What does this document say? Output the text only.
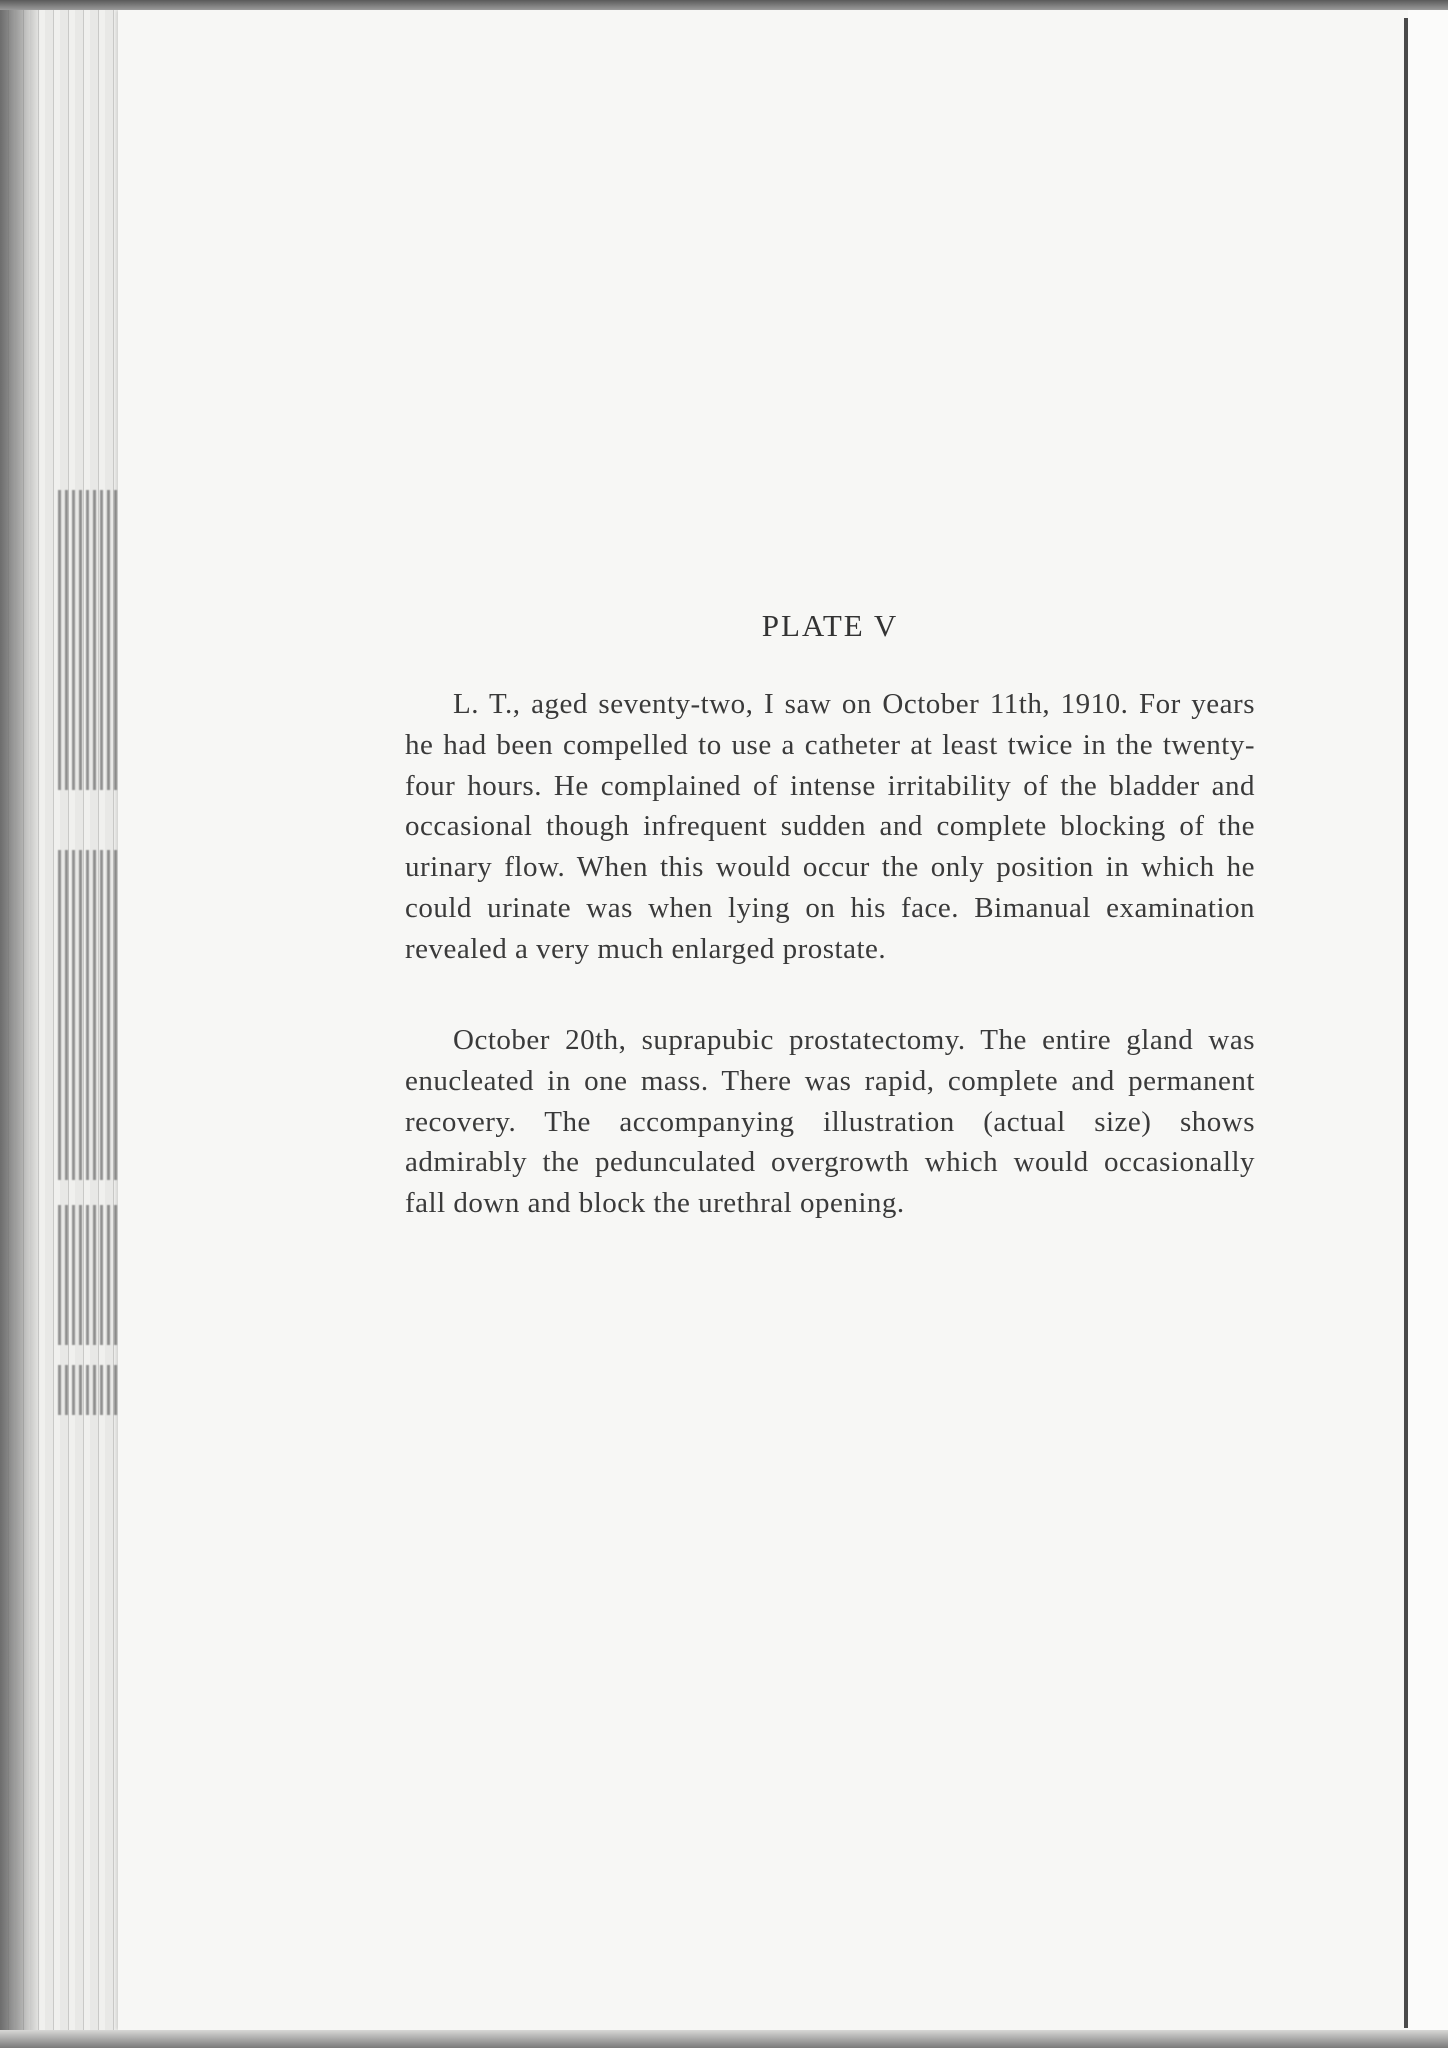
PLATE V

L. T., aged seventy-two, I saw on October 11th, 1910. For years he had been compelled to use a catheter at least twice in the twenty-four hours. He complained of intense irritability of the bladder and occasional though infrequent sudden and complete blocking of the urinary flow. When this would occur the only position in which he could urinate was when lying on his face. Bimanual examination revealed a very much enlarged prostate.

October 20th, suprapubic prostatectomy. The entire gland was enucleated in one mass. There was rapid, complete and permanent recovery. The accompanying illustration (actual size) shows admirably the pedunculated overgrowth which would occasionally fall down and block the urethral opening.
